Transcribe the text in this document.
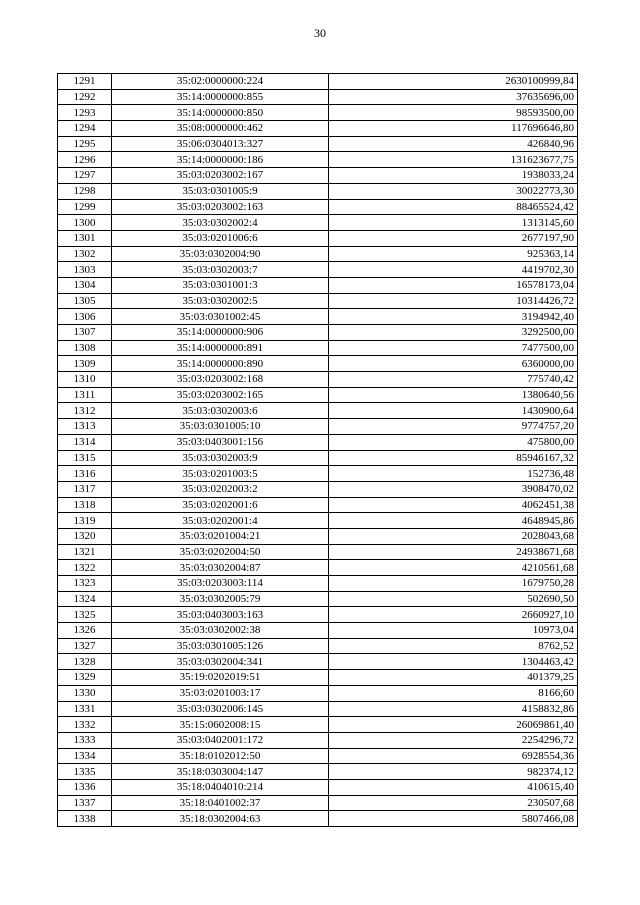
30
1291	35:02:0000000:224	2630100999,84
1292	35:14:0000000:855	37635696,00
1293	35:14:0000000:850	98593500,00
1294	35:08:0000000:462	117696646,80
1295	35:06:0304013:327	426840,96
1296	35:14:0000000:186	131623677,75
1297	35:03:0203002:167	1938033,24
1298	35:03:0301005:9	30022773,30
1299	35:03:0203002:163	88465524,42
1300	35:03:0302002:4	1313145,60
1301	35:03:0201006:6	2677197,90
1302	35:03:0302004:90	925363,14
1303	35:03:0302003:7	4419702,30
1304	35:03:0301001:3	16578173,04
1305	35:03:0302002:5	10314426,72
1306	35:03:0301002:45	3194942,40
1307	35:14:0000000:906	3292500,00
1308	35:14:0000000:891	7477500,00
1309	35:14:0000000:890	6360000,00
1310	35:03:0203002:168	775740,42
1311	35:03:0203002:165	1380640,56
1312	35:03:0302003:6	1430900,64
1313	35:03:0301005:10	9774757,20
1314	35:03:0403001:156	475800,00
1315	35:03:0302003:9	85946167,32
1316	35:03:0201003:5	152736,48
1317	35:03:0202003:2	3908470,02
1318	35:03:0202001:6	4062451,38
1319	35:03:0202001:4	4648945,86
1320	35:03:0201004:21	2028043,68
1321	35:03:0202004:50	24938671,68
1322	35:03:0302004:87	4210561,68
1323	35:03:0203003:114	1679750,28
1324	35:03:0302005:79	502690,50
1325	35:03:0403003:163	2660927,10
1326	35:03:0302002:38	10973,04
1327	35:03:0301005:126	8762,52
1328	35:03:0302004:341	1304463,42
1329	35:19:0202019:51	401379,25
1330	35:03:0201003:17	8166,60
1331	35:03:0302006:145	4158832,86
1332	35:15:0602008:15	26069861,40
1333	35:03:0402001:172	2254296,72
1334	35:18:0102012:50	6928554,36
1335	35:18:0303004:147	982374,12
1336	35:18:0404010:214	410615,40
1337	35:18:0401002:37	230507,68
1338	35:18:0302004:63	5807466,08
